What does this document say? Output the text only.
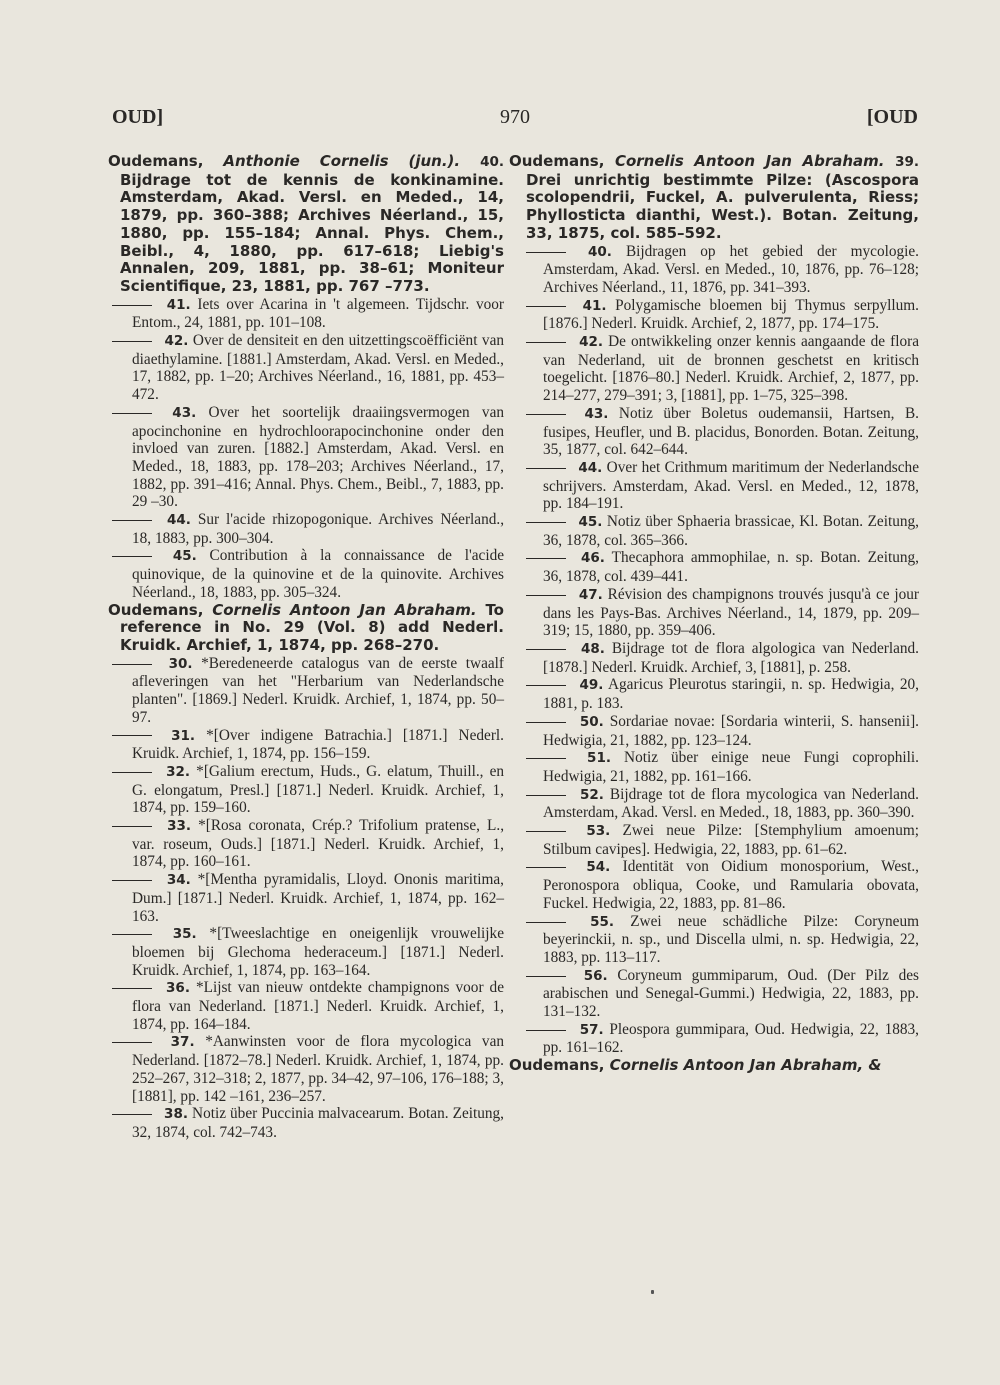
OUD]	970	[OUD
Oudemans, Anthonie Cornelis (jun.). 40. Bijdrage tot de kennis de konkinamine. Amsterdam, Akad. Versl. en Meded., 14, 1879, pp. 360–388; Archives Néerland., 15, 1880, pp. 155–184; Annal. Phys. Chem., Beibl., 4, 1880, pp. 617–618; Liebig's Annalen, 209, 1881, pp. 38–61; Moniteur Scientifique, 23, 1881, pp. 767 –773.
41. Iets over Acarina in 't algemeen. Tijdschr. voor Entom., 24, 1881, pp. 101–108.
42. Over de densiteit en den uitzettingscoëfficiënt van diaethylamine. [1881.] Amsterdam, Akad. Versl. en Meded., 17, 1882, pp. 1–20; Archives Néerland., 16, 1881, pp. 453–472.
43. Over het soortelijk draaiingsvermogen van apocinchonine en hydrochloorapocinchonine onder den invloed van zuren. [1882.] Amsterdam, Akad. Versl. en Meded., 18, 1883, pp. 178–203; Archives Néerland., 17, 1882, pp. 391–416; Annal. Phys. Chem., Beibl., 7, 1883, pp. 29 –30.
44. Sur l'acide rhizopogonique. Archives Néerland., 18, 1883, pp. 300–304.
45. Contribution à la connaissance de l'acide quinovique, de la quinovine et de la quinovite. Archives Néerland., 18, 1883, pp. 305–324.
Oudemans, Cornelis Antoon Jan Abraham. To reference in No. 29 (Vol. 8) add Nederl. Kruidk. Archief, 1, 1874, pp. 268–270.
30. *Beredeneerde catalogus van de eerste twaalf afleveringen van het "Herbarium van Nederlandsche planten". [1869.] Nederl. Kruidk. Archief, 1, 1874, pp. 50–97.
31. *[Over indigene Batrachia.] [1871.] Nederl. Kruidk. Archief, 1, 1874, pp. 156–159.
32. *[Galium erectum, Huds., G. elatum, Thuill., en G. elongatum, Presl.] [1871.] Nederl. Kruidk. Archief, 1, 1874, pp. 159–160.
33. *[Rosa coronata, Crép.? Trifolium pratense, L., var. roseum, Ouds.] [1871.] Nederl. Kruidk. Archief, 1, 1874, pp. 160–161.
34. *[Mentha pyramidalis, Lloyd. Ononis maritima, Dum.] [1871.] Nederl. Kruidk. Archief, 1, 1874, pp. 162–163.
35. *[Tweeslachtige en oneigenlijk vrouwelijke bloemen bij Glechoma hederaceum.] [1871.] Nederl. Kruidk. Archief, 1, 1874, pp. 163–164.
36. *Lijst van nieuw ontdekte champignons voor de flora van Nederland. [1871.] Nederl. Kruidk. Archief, 1, 1874, pp. 164–184.
37. *Aanwinsten voor de flora mycologica van Nederland. [1872–78.] Nederl. Kruidk. Archief, 1, 1874, pp. 252–267, 312–318; 2, 1877, pp. 34–42, 97–106, 176–188; 3, [1881], pp. 142 –161, 236–257.
38. Notiz über Puccinia malvacearum. Botan. Zeitung, 32, 1874, col. 742–743.
Oudemans, Cornelis Antoon Jan Abraham. 39. Drei unrichtig bestimmte Pilze: (Ascospora scolopendrii, Fuckel, A. pulverulenta, Riess; Phyllosticta dianthi, West.). Botan. Zeitung, 33, 1875, col. 585–592.
40. Bijdragen op het gebied der mycologie. Amsterdam, Akad. Versl. en Meded., 10, 1876, pp. 76–128; Archives Néerland., 11, 1876, pp. 341–393.
41. Polygamische bloemen bij Thymus serpyllum. [1876.] Nederl. Kruidk. Archief, 2, 1877, pp. 174–175.
42. De ontwikkeling onzer kennis aangaande de flora van Nederland, uit de bronnen geschetst en kritisch toegelicht. [1876–80.] Nederl. Kruidk. Archief, 2, 1877, pp. 214–277, 279–391; 3, [1881], pp. 1–75, 325–398.
43. Notiz über Boletus oudemansii, Hartsen, B. fusipes, Heufler, und B. placidus, Bonorden. Botan. Zeitung, 35, 1877, col. 642–644.
44. Over het Crithmum maritimum der Nederlandsche schrijvers. Amsterdam, Akad. Versl. en Meded., 12, 1878, pp. 184–191.
45. Notiz über Sphaeria brassicae, Kl. Botan. Zeitung, 36, 1878, col. 365–366.
46. Thecaphora ammophilae, n. sp. Botan. Zeitung, 36, 1878, col. 439–441.
47. Révision des champignons trouvés jusqu'à ce jour dans les Pays-Bas. Archives Néerland., 14, 1879, pp. 209–319; 15, 1880, pp. 359–406.
48. Bijdrage tot de flora algologica van Nederland. [1878.] Nederl. Kruidk. Archief, 3, [1881], p. 258.
49. Agaricus Pleurotus staringii, n. sp. Hedwigia, 20, 1881, p. 183.
50. Sordariae novae: [Sordaria winterii, S. hansenii]. Hedwigia, 21, 1882, pp. 123–124.
51. Notiz über einige neue Fungi coprophili. Hedwigia, 21, 1882, pp. 161–166.
52. Bijdrage tot de flora mycologica van Nederland. Amsterdam, Akad. Versl. en Meded., 18, 1883, pp. 360–390.
53. Zwei neue Pilze: [Stemphylium amoenum; Stilbum cavipes]. Hedwigia, 22, 1883, pp. 61–62.
54. Identität von Oidium monosporium, West., Peronospora obliqua, Cooke, und Ramularia obovata, Fuckel. Hedwigia, 22, 1883, pp. 81–86.
55. Zwei neue schädliche Pilze: Coryneum beyerinckii, n. sp., und Discella ulmi, n. sp. Hedwigia, 22, 1883, pp. 113–117.
56. Coryneum gummiparum, Oud. (Der Pilz des arabischen und Senegal-Gummi.) Hedwigia, 22, 1883, pp. 131–132.
57. Pleospora gummipara, Oud. Hedwigia, 22, 1883, pp. 161–162.
Oudemans, Cornelis Antoon Jan Abraham, &
